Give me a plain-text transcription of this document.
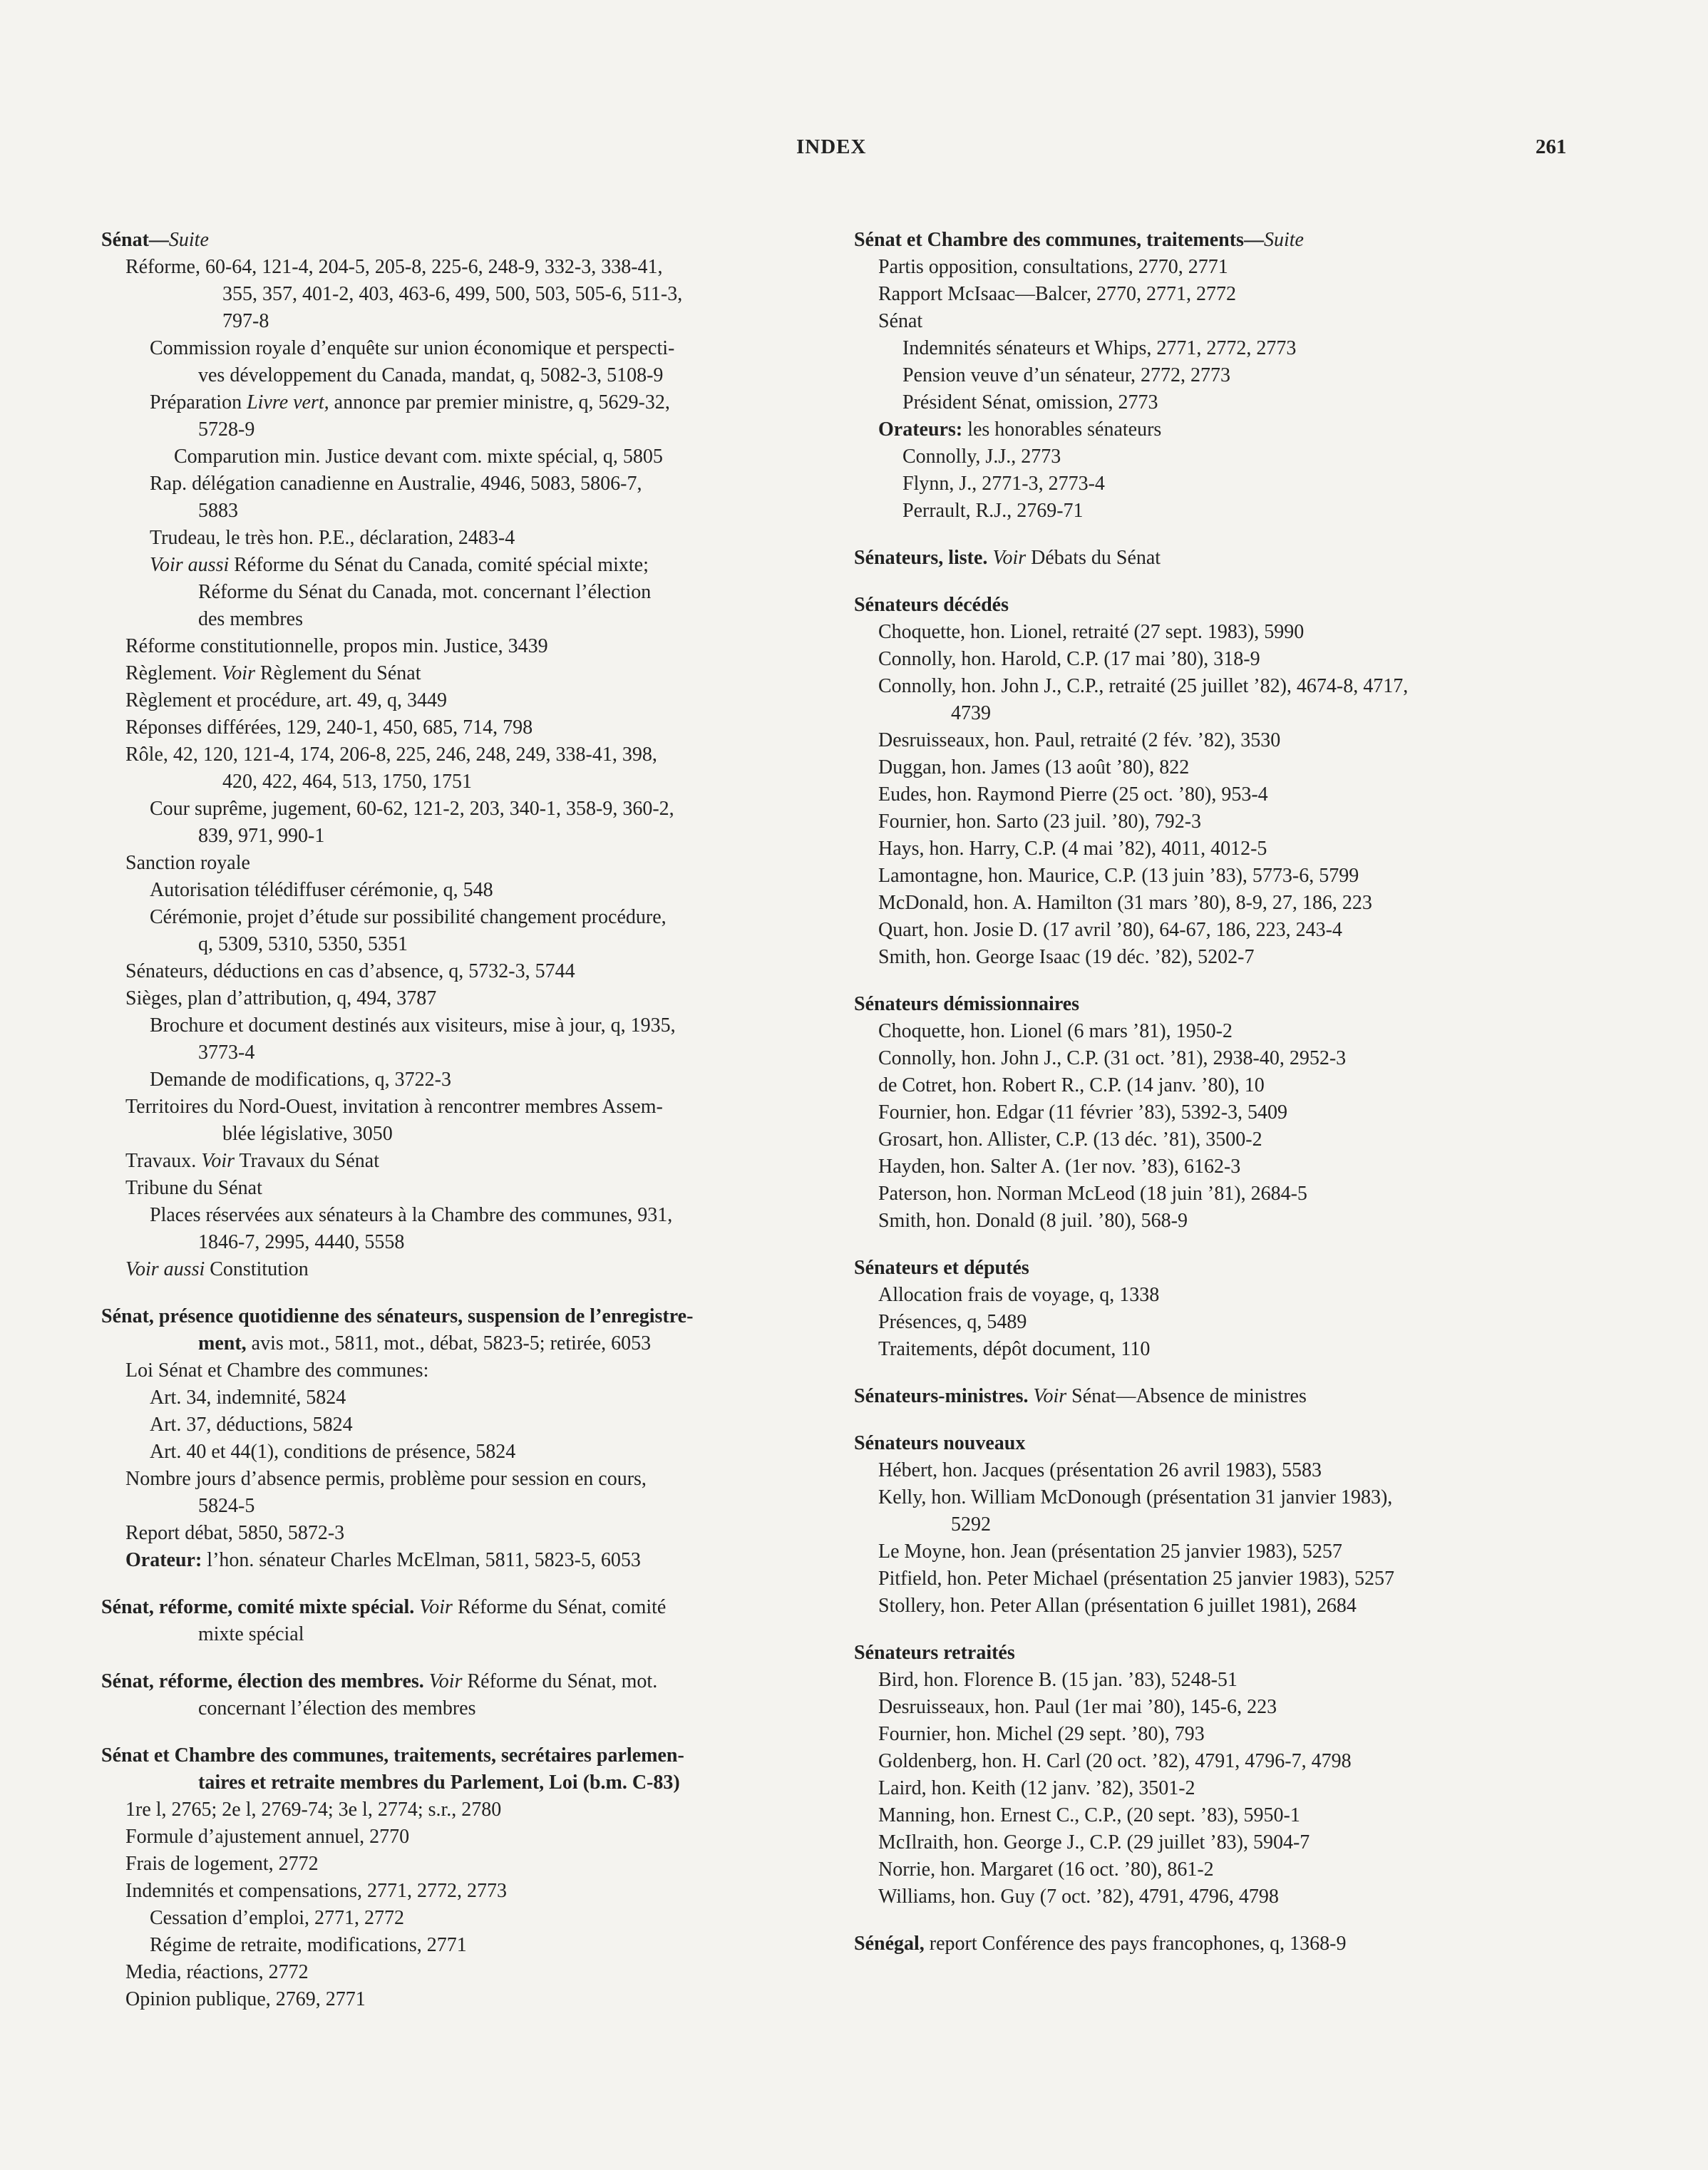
INDEX	261
Sénat—Suite
Réforme, 60-64, 121-4, 204-5, 205-8, 225-6, 248-9, 332-3, 338-41,
355, 357, 401-2, 403, 463-6, 499, 500, 503, 505-6, 511-3,
797-8
Commission royale d’enquête sur union économique et perspecti-
ves développement du Canada, mandat, q, 5082-3, 5108-9
Préparation Livre vert, annonce par premier ministre, q, 5629-32,
5728-9
Comparution min. Justice devant com. mixte spécial, q, 5805
Rap. délégation canadienne en Australie, 4946, 5083, 5806-7,
5883
Trudeau, le très hon. P.E., déclaration, 2483-4
Voir aussi Réforme du Sénat du Canada, comité spécial mixte;
Réforme du Sénat du Canada, mot. concernant l’élection
des membres
Réforme constitutionnelle, propos min. Justice, 3439
Règlement. Voir Règlement du Sénat
Règlement et procédure, art. 49, q, 3449
Réponses différées, 129, 240-1, 450, 685, 714, 798
Rôle, 42, 120, 121-4, 174, 206-8, 225, 246, 248, 249, 338-41, 398,
420, 422, 464, 513, 1750, 1751
Cour suprême, jugement, 60-62, 121-2, 203, 340-1, 358-9, 360-2,
839, 971, 990-1
Sanction royale
Autorisation télédiffuser cérémonie, q, 548
Cérémonie, projet d’étude sur possibilité changement procédure,
q, 5309, 5310, 5350, 5351
Sénateurs, déductions en cas d’absence, q, 5732-3, 5744
Sièges, plan d’attribution, q, 494, 3787
Brochure et document destinés aux visiteurs, mise à jour, q, 1935,
3773-4
Demande de modifications, q, 3722-3
Territoires du Nord-Ouest, invitation à rencontrer membres Assem-
blée législative, 3050
Travaux. Voir Travaux du Sénat
Tribune du Sénat
Places réservées aux sénateurs à la Chambre des communes, 931,
1846-7, 2995, 4440, 5558
Voir aussi Constitution
Sénat, présence quotidienne des sénateurs, suspension de l’enregistre-
ment, avis mot., 5811, mot., débat, 5823-5; retirée, 6053
Loi Sénat et Chambre des communes:
Art. 34, indemnité, 5824
Art. 37, déductions, 5824
Art. 40 et 44(1), conditions de présence, 5824
Nombre jours d’absence permis, problème pour session en cours,
5824-5
Report débat, 5850, 5872-3
Orateur: l’hon. sénateur Charles McElman, 5811, 5823-5, 6053
Sénat, réforme, comité mixte spécial. Voir Réforme du Sénat, comité
mixte spécial
Sénat, réforme, élection des membres. Voir Réforme du Sénat, mot.
concernant l’élection des membres
Sénat et Chambre des communes, traitements, secrétaires parlemen-
taires et retraite membres du Parlement, Loi (b.m. C-83)
1re l, 2765; 2e l, 2769-74; 3e l, 2774; s.r., 2780
Formule d’ajustement annuel, 2770
Frais de logement, 2772
Indemnités et compensations, 2771, 2772, 2773
Cessation d’emploi, 2771, 2772
Régime de retraite, modifications, 2771
Media, réactions, 2772
Opinion publique, 2769, 2771
Sénat et Chambre des communes, traitements—Suite
Partis opposition, consultations, 2770, 2771
Rapport McIsaac—Balcer, 2770, 2771, 2772
Sénat
Indemnités sénateurs et Whips, 2771, 2772, 2773
Pension veuve d’un sénateur, 2772, 2773
Président Sénat, omission, 2773
Orateurs: les honorables sénateurs
Connolly, J.J., 2773
Flynn, J., 2771-3, 2773-4
Perrault, R.J., 2769-71
Sénateurs, liste. Voir Débats du Sénat
Sénateurs décédés
Choquette, hon. Lionel, retraité (27 sept. 1983), 5990
Connolly, hon. Harold, C.P. (17 mai ’80), 318-9
Connolly, hon. John J., C.P., retraité (25 juillet ’82), 4674-8, 4717,
4739
Desruisseaux, hon. Paul, retraité (2 fév. ’82), 3530
Duggan, hon. James (13 août ’80), 822
Eudes, hon. Raymond Pierre (25 oct. ’80), 953-4
Fournier, hon. Sarto (23 juil. ’80), 792-3
Hays, hon. Harry, C.P. (4 mai ’82), 4011, 4012-5
Lamontagne, hon. Maurice, C.P. (13 juin ’83), 5773-6, 5799
McDonald, hon. A. Hamilton (31 mars ’80), 8-9, 27, 186, 223
Quart, hon. Josie D. (17 avril ’80), 64-67, 186, 223, 243-4
Smith, hon. George Isaac (19 déc. ’82), 5202-7
Sénateurs démissionnaires
Choquette, hon. Lionel (6 mars ’81), 1950-2
Connolly, hon. John J., C.P. (31 oct. ’81), 2938-40, 2952-3
de Cotret, hon. Robert R., C.P. (14 janv. ’80), 10
Fournier, hon. Edgar (11 février ’83), 5392-3, 5409
Grosart, hon. Allister, C.P. (13 déc. ’81), 3500-2
Hayden, hon. Salter A. (1er nov. ’83), 6162-3
Paterson, hon. Norman McLeod (18 juin ’81), 2684-5
Smith, hon. Donald (8 juil. ’80), 568-9
Sénateurs et députés
Allocation frais de voyage, q, 1338
Présences, q, 5489
Traitements, dépôt document, 110
Sénateurs-ministres. Voir Sénat—Absence de ministres
Sénateurs nouveaux
Hébert, hon. Jacques (présentation 26 avril 1983), 5583
Kelly, hon. William McDonough (présentation 31 janvier 1983),
5292
Le Moyne, hon. Jean (présentation 25 janvier 1983), 5257
Pitfield, hon. Peter Michael (présentation 25 janvier 1983), 5257
Stollery, hon. Peter Allan (présentation 6 juillet 1981), 2684
Sénateurs retraités
Bird, hon. Florence B. (15 jan. ’83), 5248-51
Desruisseaux, hon. Paul (1er mai ’80), 145-6, 223
Fournier, hon. Michel (29 sept. ’80), 793
Goldenberg, hon. H. Carl (20 oct. ’82), 4791, 4796-7, 4798
Laird, hon. Keith (12 janv. ’82), 3501-2
Manning, hon. Ernest C., C.P., (20 sept. ’83), 5950-1
McIlraith, hon. George J., C.P. (29 juillet ’83), 5904-7
Norrie, hon. Margaret (16 oct. ’80), 861-2
Williams, hon. Guy (7 oct. ’82), 4791, 4796, 4798
Sénégal, report Conférence des pays francophones, q, 1368-9
